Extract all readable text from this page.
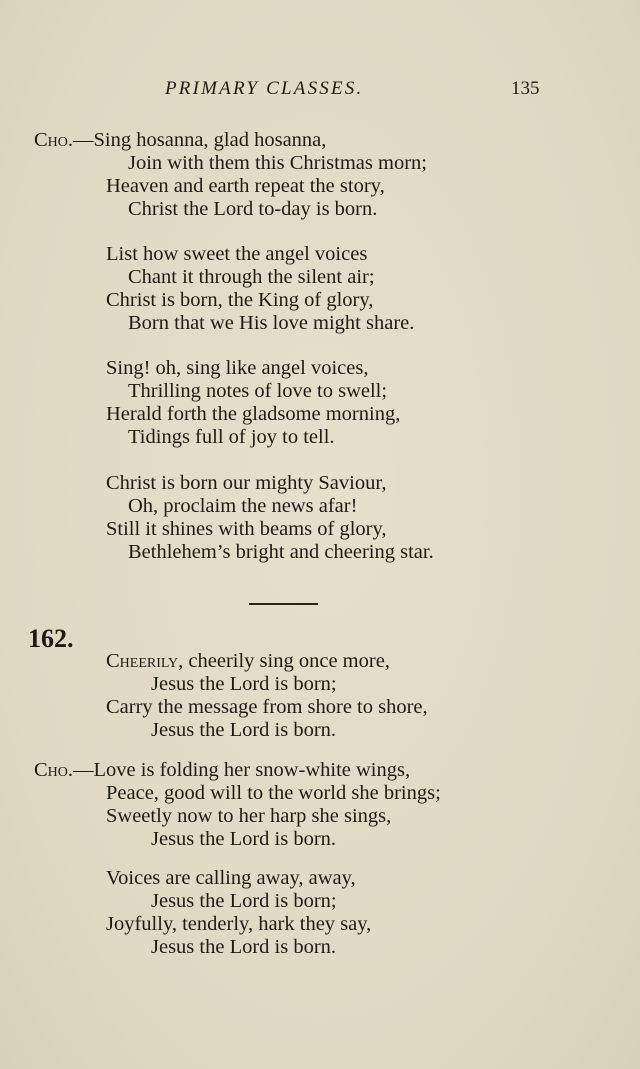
PRIMARY CLASSES.	135
Cho.—Sing hosanna, glad hosanna,
Join with them this Christmas morn;
Heaven and earth repeat the story,
Christ the Lord to-day is born.
List how sweet the angel voices
Chant it through the silent air;
Christ is born, the King of glory,
Born that we His love might share.
Sing! oh, sing like angel voices,
Thrilling notes of love to swell;
Herald forth the gladsome morning,
Tidings full of joy to tell.
Christ is born our mighty Saviour,
Oh, proclaim the news afar!
Still it shines with beams of glory,
Bethlehem’s bright and cheering star.
162.
Cheerily, cheerily sing once more,
Jesus the Lord is born;
Carry the message from shore to shore,
Jesus the Lord is born.
Cho.—Love is folding her snow-white wings,
Peace, good will to the world she brings;
Sweetly now to her harp she sings,
Jesus the Lord is born.
Voices are calling away, away,
Jesus the Lord is born;
Joyfully, tenderly, hark they say,
Jesus the Lord is born.
